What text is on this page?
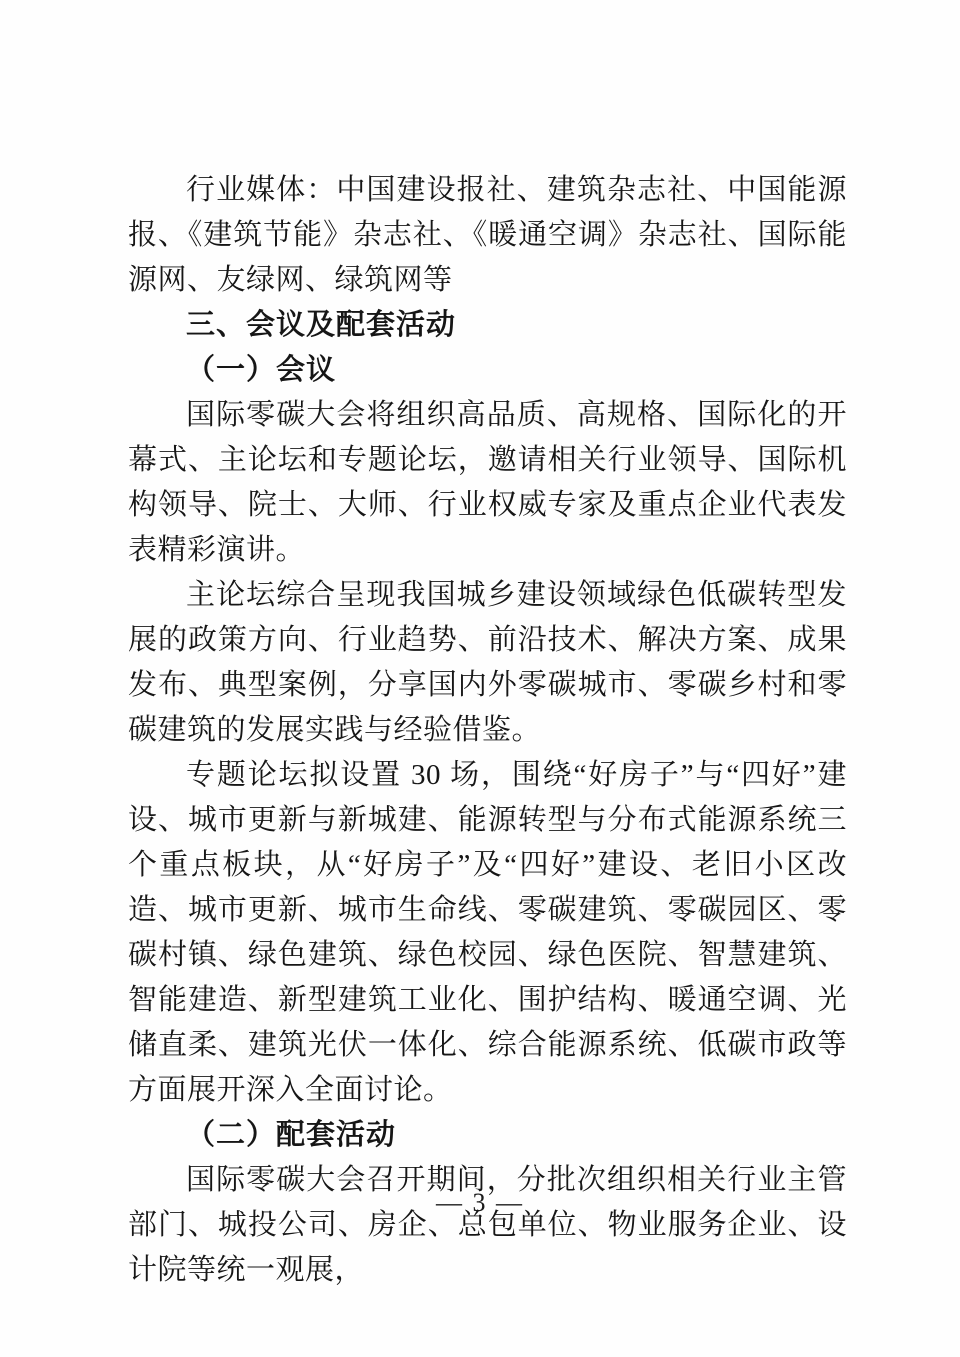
行业媒体：中国建设报社、建筑杂志社、中国能源报、《建筑节能》杂志社、《暖通空调》杂志社、国际能源网、友绿网、绿筑网等

三、会议及配套活动
（一）会议

国际零碳大会将组织高品质、高规格、国际化的开幕式、主论坛和专题论坛，邀请相关行业领导、国际机构领导、院士、大师、行业权威专家及重点企业代表发表精彩演讲。

主论坛综合呈现我国城乡建设领域绿色低碳转型发展的政策方向、行业趋势、前沿技术、解决方案、成果发布、典型案例，分享国内外零碳城市、零碳乡村和零碳建筑的发展实践与经验借鉴。

专题论坛拟设置 30 场，围绕“好房子”与“四好”建设、城市更新与新城建、能源转型与分布式能源系统三个重点板块，从“好房子”及“四好”建设、老旧小区改造、城市更新、城市生命线、零碳建筑、零碳园区、零碳村镇、绿色建筑、绿色校园、绿色医院、智慧建筑、智能建造、新型建筑工业化、围护结构、暖通空调、光储直柔、建筑光伏一体化、综合能源系统、低碳市政等方面展开深入全面讨论。

（二）配套活动

国际零碳大会召开期间，分批次组织相关行业主管部门、城投公司、房企、总包单位、物业服务企业、设计院等统一观展，

— 3 —
